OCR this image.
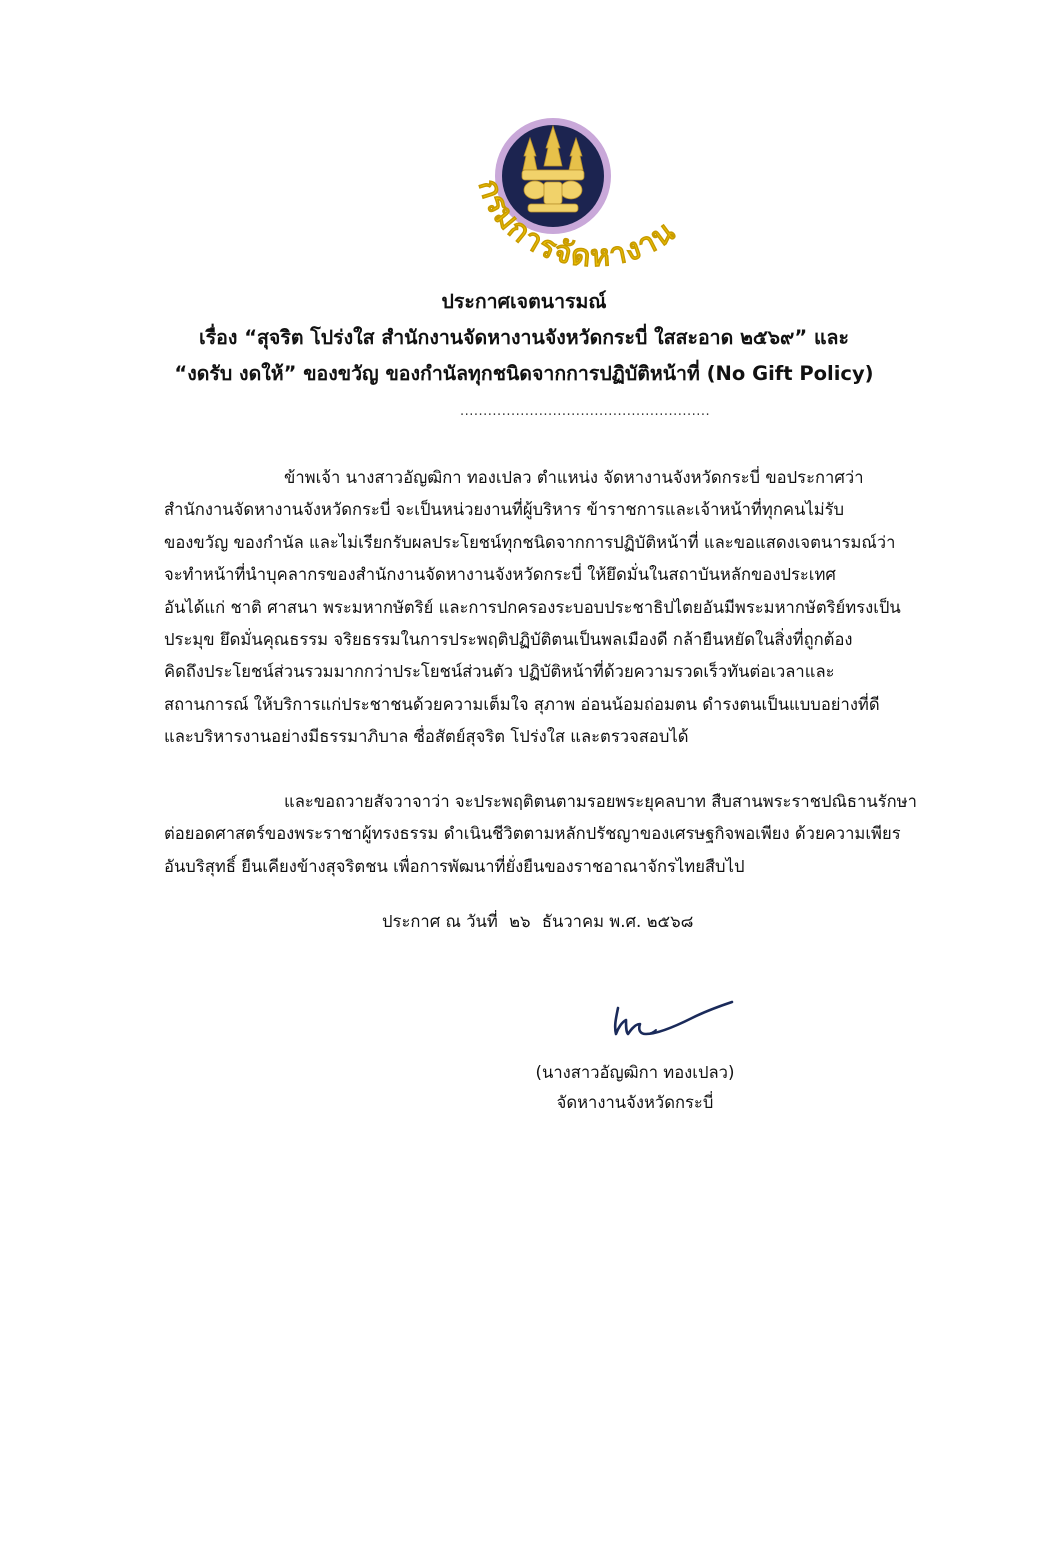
กรมการจัดหางาน
ประกาศเจตนารมณ์
เรื่อง “สุจริต โปร่งใส สำนักงานจัดหางานจังหวัดกระบี่ ใสสะอาด ๒๕๖๙” และ
“งดรับ งดให้” ของขวัญ ของกำนัลทุกชนิดจากการปฏิบัติหน้าที่ (No Gift Policy)
......................................................
ข้าพเจ้า นางสาวอัญฒิกา ทองเปลว ตำแหน่ง จัดหางานจังหวัดกระบี่ ขอประกาศว่า
สำนักงานจัดหางานจังหวัดกระบี่ จะเป็นหน่วยงานที่ผู้บริหาร ข้าราชการและเจ้าหน้าที่ทุกคนไม่รับ
ของขวัญ ของกำนัล และไม่เรียกรับผลประโยชน์ทุกชนิดจากการปฏิบัติหน้าที่ และขอแสดงเจตนารมณ์ว่า
จะทำหน้าที่นำบุคลากรของสำนักงานจัดหางานจังหวัดกระบี่ ให้ยึดมั่นในสถาบันหลักของประเทศ
อันได้แก่ ชาติ ศาสนา พระมหากษัตริย์ และการปกครองระบอบประชาธิปไตยอันมีพระมหากษัตริย์ทรงเป็น
ประมุข ยึดมั่นคุณธรรม จริยธรรมในการประพฤติปฏิบัติตนเป็นพลเมืองดี กล้ายืนหยัดในสิ่งที่ถูกต้อง
คิดถึงประโยชน์ส่วนรวมมากกว่าประโยชน์ส่วนตัว ปฏิบัติหน้าที่ด้วยความรวดเร็วทันต่อเวลาและ
สถานการณ์ ให้บริการแก่ประชาชนด้วยความเต็มใจ สุภาพ อ่อนน้อมถ่อมตน ดำรงตนเป็นแบบอย่างที่ดี
และบริหารงานอย่างมีธรรมาภิบาล ซื่อสัตย์สุจริต โปร่งใส และตรวจสอบได้
และขอถวายสัจวาจาว่า จะประพฤติตนตามรอยพระยุคลบาท สืบสานพระราชปณิธานรักษา
ต่อยอดศาสตร์ของพระราชาผู้ทรงธรรม ดำเนินชีวิตตามหลักปรัชญาของเศรษฐกิจพอเพียง ด้วยความเพียร
อันบริสุทธิ์ ยืนเคียงข้างสุจริตชน เพื่อการพัฒนาที่ยั่งยืนของราชอาณาจักรไทยสืบไป
ประกาศ ณ วันที่ ๒๖ ธันวาคม พ.ศ. ๒๕๖๘
(นางสาวอัญฒิกา ทองเปลว)
จัดหางานจังหวัดกระบี่
